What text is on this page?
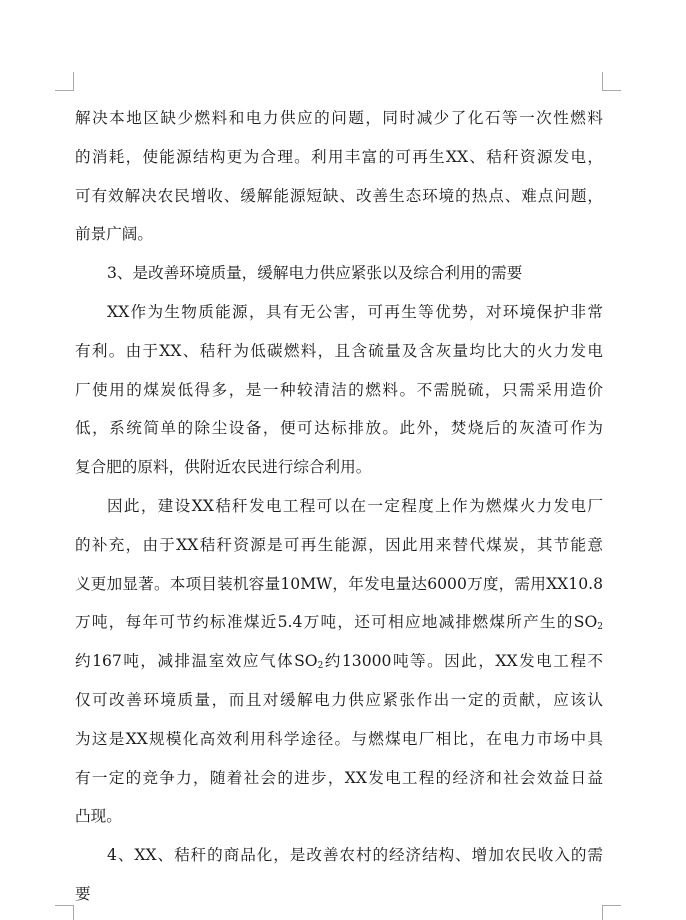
解决本地区缺少燃料和电力供应的问题，同时减少了化石等一次性燃料
的消耗，使能源结构更为合理。利用丰富的可再生XX、秸秆资源发电，
可有效解决农民增收、缓解能源短缺、改善生态环境的热点、难点问题，
前景广阔。
3、是改善环境质量，缓解电力供应紧张以及综合利用的需要
XX作为生物质能源，具有无公害，可再生等优势，对环境保护非常
有利。由于XX、秸秆为低碳燃料，且含硫量及含灰量均比大的火力发电
厂使用的煤炭低得多，是一种较清洁的燃料。不需脱硫，只需采用造价
低，系统简单的除尘设备，便可达标排放。此外，焚烧后的灰渣可作为
复合肥的原料，供附近农民进行综合利用。
因此，建设XX秸秆发电工程可以在一定程度上作为燃煤火力发电厂
的补充，由于XX秸秆资源是可再生能源，因此用来替代煤炭，其节能意
义更加显著。本项目装机容量10MW，年发电量达6000万度，需用XX10.8
万吨，每年可节约标准煤近5.4万吨，还可相应地减排燃煤所产生的$SO_2$
约167吨，减排温室效应气体$SO_2$约13000吨等。因此，XX发电工程不
仅可改善环境质量，而且对缓解电力供应紧张作出一定的贡献，应该认
为这是XX规模化高效利用科学途径。与燃煤电厂相比，在电力市场中具
有一定的竞争力，随着社会的进步，XX发电工程的经济和社会效益日益
凸现。
4、XX、秸秆的商品化，是改善农村的经济结构、增加农民收入的需
要
